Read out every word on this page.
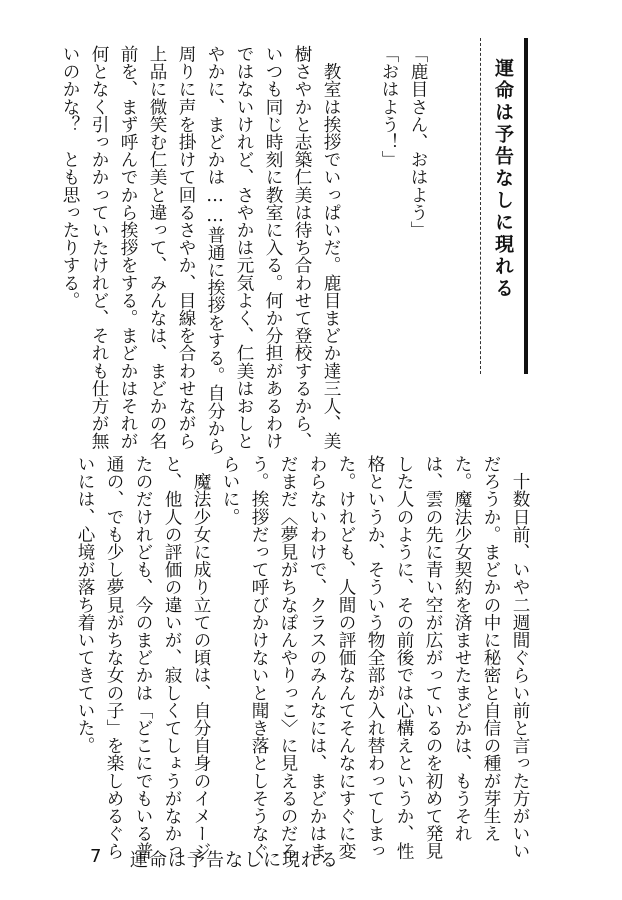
運命は予告なしに現れる
「鹿目さん、おはよう」
「おはよう！」

　教室は挨拶でいっぱいだ。鹿目まどか達三人、美
樹さやかと志築仁美は待ち合わせて登校するから、
いつも同じ時刻に教室に入る。何か分担があるわけ
ではないけれど、さやかは元気よく、仁美はおしと
やかに、まどかは……普通に挨拶をする。自分から
周りに声を掛けて回るさやか、目線を合わせながら
上品に微笑む仁美と違って、みんなは、まどかの名
前を、まず呼んでから挨拶をする。まどかはそれが
何となく引っかかっていたけれど、それも仕方が無
いのかな？　とも思ったりする。
　十数日前、いや二週間ぐらい前と言った方がいい
だろうか。まどかの中に秘密と自信の種が芽生え
た。魔法少女契約を済ませたまどかは、もうそれ
は、雲の先に青い空が広がっているのを初めて発見
した人のように、その前後では心構えというか、性
格というか、そういう物全部が入れ替わってしまっ
た。けれども、人間の評価なんてそんなにすぐに変
わらないわけで、クラスのみんなには、まどかはま
だまだ〈夢見がちなぽんやりっこ〉に見えるのだろ
う。挨拶だって呼びかけないと聞き落としそうなぐ
らいに。
　魔法少女に成り立ての頃は、自分自身のイメージ
と、他人の評価の違いが、寂しくてしょうがなかっ
たのだけれども、今のまどかは「どこにでもいる普
通の、でも少し夢見がちな女の子」を楽しめるぐら
いには、心境が落ち着いてきていた。
7 運命は予告なしに現れる
